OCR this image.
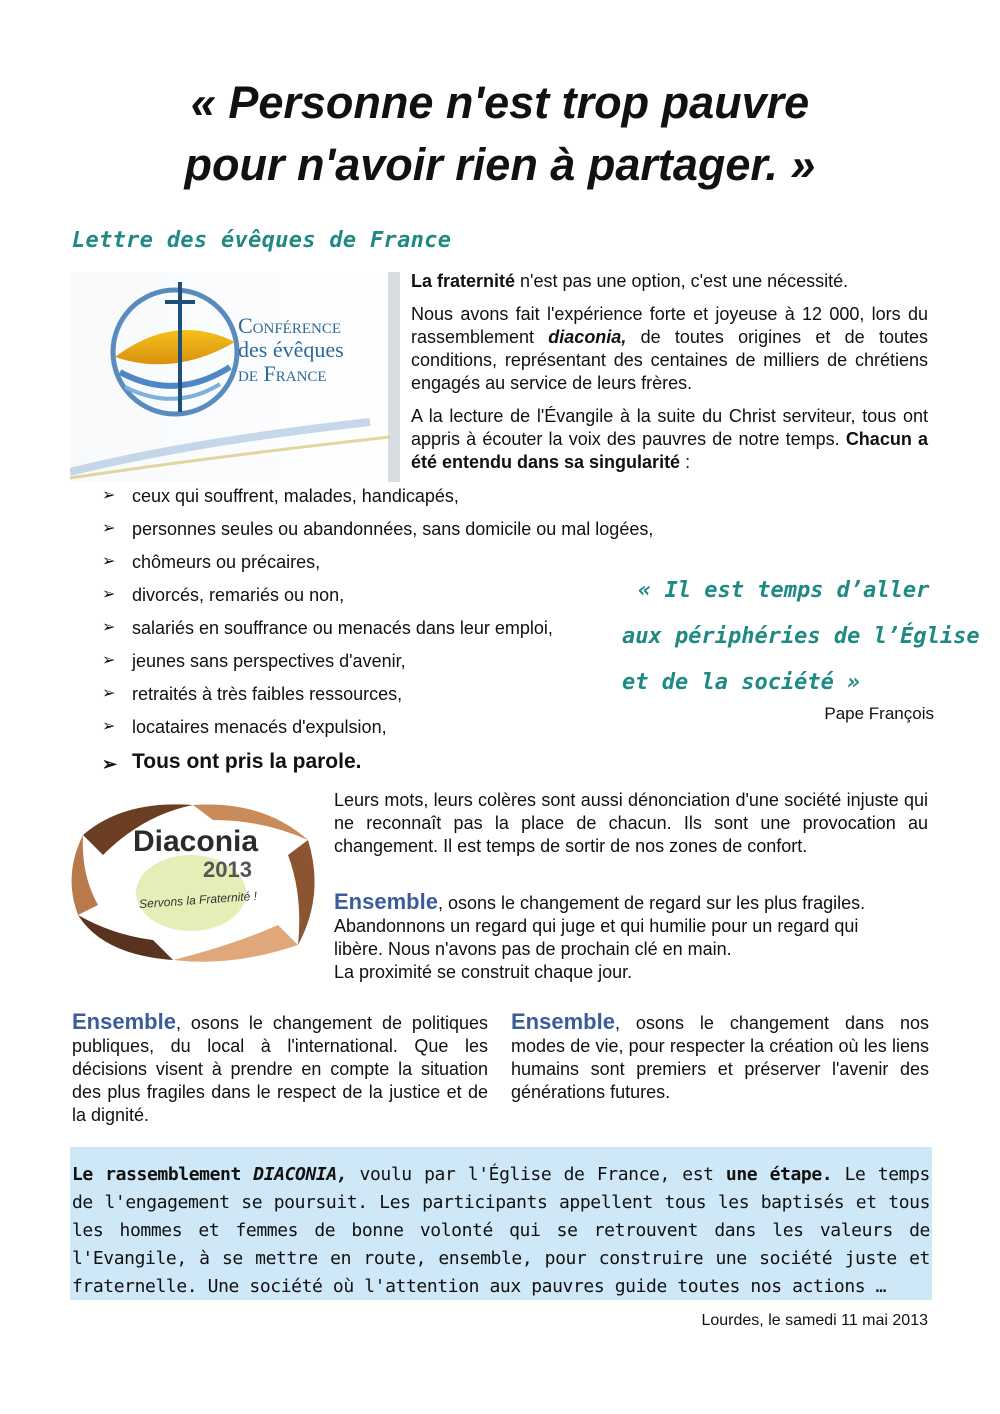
« Personne n'est trop pauvre
pour n'avoir rien à partager. »
Lettre des évêques de France
Conférence
des évêques
de France
La fraternité n'est pas une option, c'est une nécessité.
Nous avons fait l'expérience forte et joyeuse à 12 000, lors du rassemblement diaconia, de toutes origines et de toutes conditions, représentant des centaines de milliers de chrétiens engagés au service de leurs frères.
A la lecture de l'Évangile à la suite du Christ serviteur, tous ont appris à écouter la voix des pauvres de notre temps. Chacun a été entendu dans sa singularité :
➢ ceux qui souffrent, malades, handicapés,
➢ personnes seules ou abandonnées, sans domicile ou mal logées,
➢ chômeurs ou précaires,
➢ divorcés, remariés ou non,
➢ salariés en souffrance ou menacés dans leur emploi,
➢ jeunes sans perspectives d'avenir,
➢ retraités à très faibles ressources,
➢ locataires menacés d'expulsion,
➢ Tous ont pris la parole.
« Il est temps d’aller
aux périphéries de l’Église
et de la société »
Pape François
Diaconia
2013
Servons la Fraternité !
Leurs mots, leurs colères sont aussi dénonciation d'une société injuste qui ne reconnaît pas la place de chacun. Ils sont une provocation au changement. Il est temps de sortir de nos zones de confort.
Ensemble, osons le changement de regard sur les plus fragiles. Abandonnons un regard qui juge et qui humilie pour un regard qui libère. Nous n'avons pas de prochain clé en main.
La proximité se construit chaque jour.
Ensemble, osons le changement de politiques publiques, du local à l'international. Que les décisions visent à prendre en compte la situation des plus fragiles dans le respect de la justice et de la dignité.
Ensemble, osons le changement dans nos modes de vie, pour respecter la création où les liens humains sont premiers et préserver l'avenir des générations futures.
Le rassemblement DIACONIA, voulu par l'Église de France, est une étape. Le temps de l'engagement se poursuit. Les participants appellent tous les baptisés et tous les hommes et femmes de bonne volonté qui se retrouvent dans les valeurs de l'Evangile, à se mettre en route, ensemble, pour construire une société juste et fraternelle. Une société où l'attention aux pauvres guide toutes nos actions …
Lourdes, le samedi 11 mai 2013
